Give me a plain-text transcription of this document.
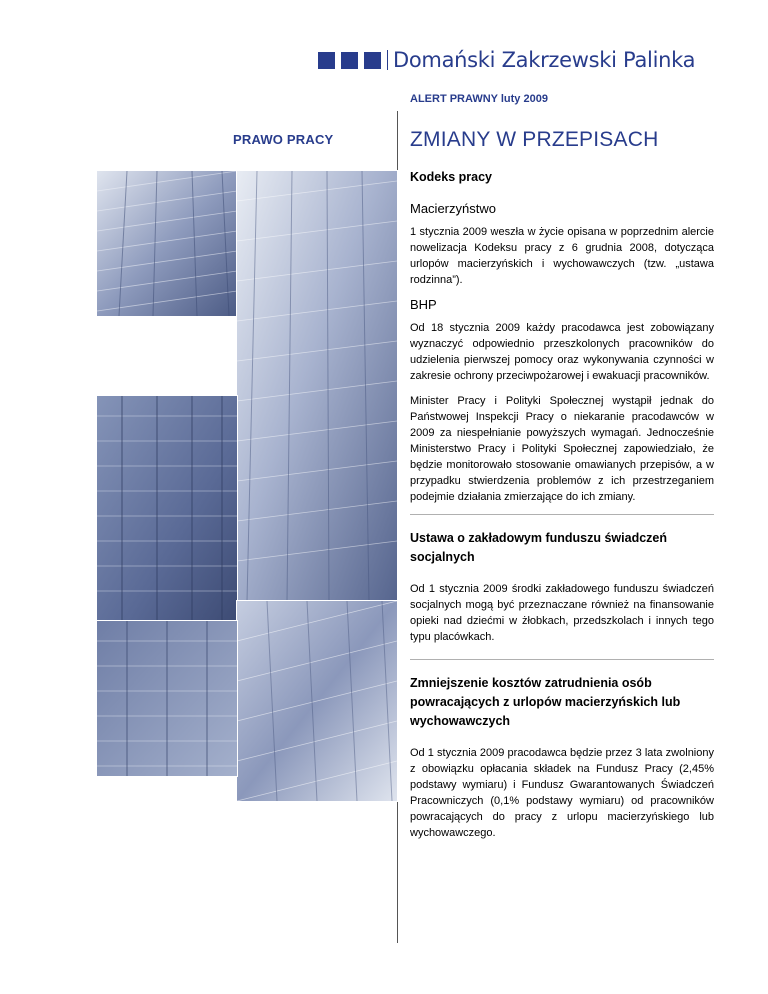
Domański Zakrzewski Palinka
ALERT PRAWNY luty 2009
PRAWO PRACY	ZMIANY W PRZEPISACH
Kodeks pracy
Macierzyństwo
1 stycznia 2009 weszła w życie opisana w poprzednim alercie nowelizacja Kodeksu pracy z 6 grudnia 2008, dotycząca urlopów macierzyńskich i wychowawczych (tzw. „ustawa rodzinna”).
BHP
Od 18 stycznia 2009 każdy pracodawca jest zobowiązany wyznaczyć odpowiednio przeszkolonych pracowników do udzielenia pierwszej pomocy oraz wykonywania czynności w zakresie ochrony przeciwpożarowej i ewakuacji pracowników.
Minister Pracy i Polityki Społecznej wystąpił jednak do Państwowej Inspekcji Pracy o niekaranie pracodawców w 2009 za niespełnianie powyższych wymagań. Jednocześnie Ministerstwo Pracy i Polityki Społecznej zapowiedziało, że będzie monitorowało stosowanie omawianych przepisów, a w przypadku stwierdzenia problemów z ich przestrzeganiem podejmie działania zmierzające do ich zmiany.
Ustawa o zakładowym funduszu świadczeń socjalnych
Od 1 stycznia 2009 środki zakładowego funduszu świadczeń socjalnych mogą być przeznaczane również na finansowanie opieki nad dziećmi w żłobkach, przedszkolach i innych tego typu placówkach.
Zmniejszenie kosztów zatrudnienia osób powracających z urlopów macierzyńskich lub wychowawczych
Od 1 stycznia 2009 pracodawca będzie przez 3 lata zwolniony z obowiązku opłacania składek na Fundusz Pracy (2,45% podstawy wymiaru) i Fundusz Gwarantowanych Świadczeń Pracowniczych (0,1% podstawy wymiaru) od pracowników powracających do pracy z urlopu macierzyńskiego lub wychowawczego.
